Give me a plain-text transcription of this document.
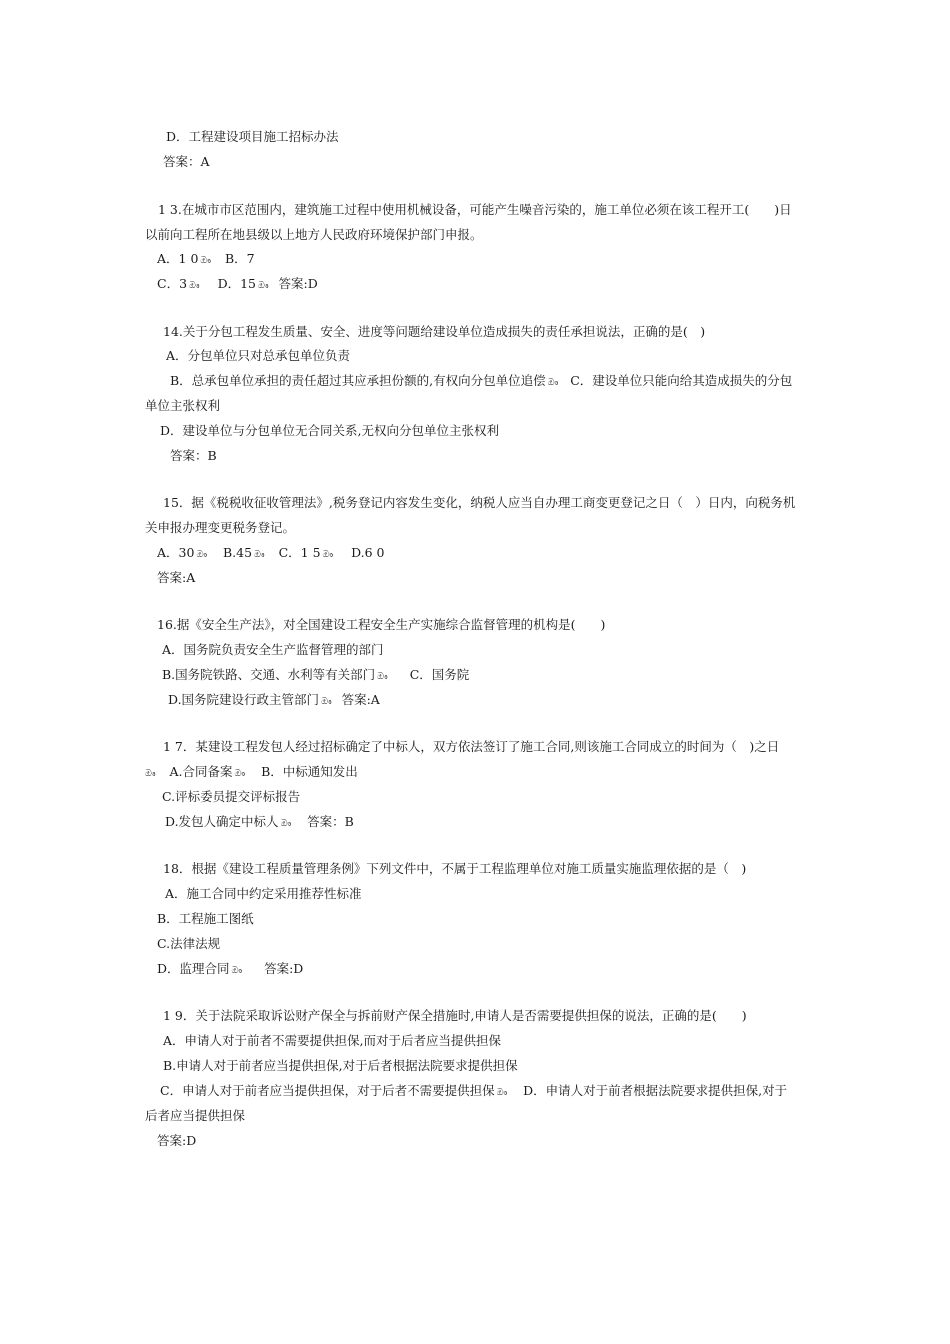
D．工程建设项目施工招标办法
答案：A
1 3.在城市市区范围内，建筑施工过程中使用机械设备，可能产生噪音污染的，施工单位必须在该工程开工(　　)日
以前向工程所在地县级以上地方人民政府环境保护部门申报。
A．1 0 ඖ B．7
C．3 ඖ D．15 ඖ 答案:D
14.关于分包工程发生质量、安全、进度等问题给建设单位造成损失的责任承担说法，正确的是(　)
A．分包单位只对总承包单位负责
B．总承包单位承担的责任超过其应承担份额的,有权向分包单位追偿 ඖ C．建设单位只能向给其造成损失的分包
单位主张权利
D．建设单位与分包单位无合同关系,无权向分包单位主张权利
答案：B
15．据《税税收征收管理法》,税务登记内容发生变化，纳税人应当自办理工商变更登记之日（　）日内，向税务机
关申报办理变更税务登记。
A．30 ඖ B.45 ඖ C．1 5 ඖ D.6 0
答案:A
16.据《安全生产法》，对全国建设工程安全生产实施综合监督管理的机构是(　　)
A．国务院负责安全生产监督管理的部门
B.国务院铁路、交通、水利等有关部门 ඖ C．国务院
D.国务院建设行政主管部门 ඖ 答案:A
1 7．某建设工程发包人经过招标确定了中标人，双方依法签订了施工合同,则该施工合同成立的时间为（　)之日
ඖ A.合同备案 ඖ B．中标通知发出
C.评标委员提交评标报告
D.发包人确定中标人 ඖ 答案：B
18．根据《建设工程质量管理条例》下列文件中，不属于工程监理单位对施工质量实施监理依据的是（　)
A．施工合同中约定采用推荐性标准
B．工程施工图纸
C.法律法规
D．监理合同 ඖ 答案:D
1 9．关于法院采取诉讼财产保全与拆前财产保全措施时,申请人是否需要提供担保的说法，正确的是(　　)
A．申请人对于前者不需要提供担保,而对于后者应当提供担保
B.申请人对于前者应当提供担保,对于后者根据法院要求提供担保
C．申请人对于前者应当提供担保，对于后者不需要提供担保 ඖ D．申请人对于前者根据法院要求提供担保,对于
后者应当提供担保
答案:D
